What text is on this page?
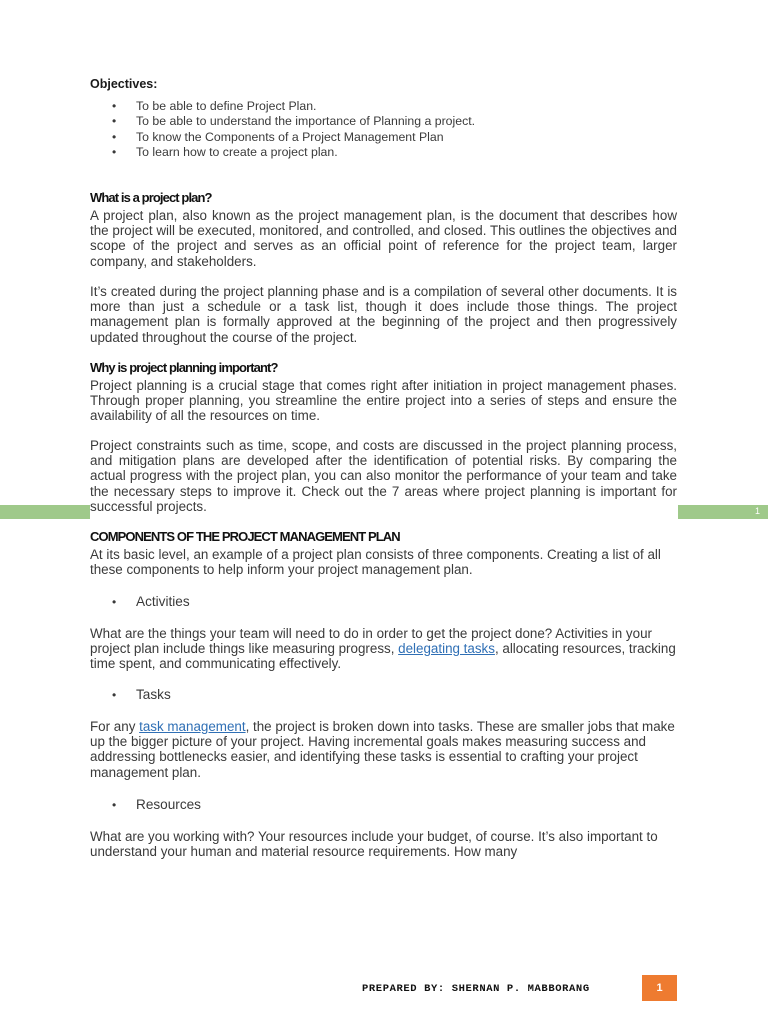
Objectives:
• To be able to define Project Plan.
• To be able to understand the importance of Planning a project.
• To know the Components of a Project Management Plan
• To learn how to create a project plan.
What is a project plan?

A project plan, also known as the project management plan, is the document that describes how the project will be executed, monitored, and controlled, and closed. This outlines the objectives and scope of the project and serves as an official point of reference for the project team, larger company, and stakeholders.

It’s created during the project planning phase and is a compilation of several other documents. It is more than just a schedule or a task list, though it does include those things. The project management plan is formally approved at the beginning of the project and then progressively updated throughout the course of the project.

Why is project planning important?

Project planning is a crucial stage that comes right after initiation in project management phases. Through proper planning, you streamline the entire project into a series of steps and ensure the availability of all the resources on time.

Project constraints such as time, scope, and costs are discussed in the project planning process, and mitigation plans are developed after the identification of potential risks. By comparing the actual progress with the project plan, you can also monitor the performance of your team and take the necessary steps to improve it. Check out the 7 areas where project planning is important for successful projects.	1
COMPONENTS OF THE PROJECT MANAGEMENT PLAN

At its basic level, an example of a project plan consists of three components. Creating a list of all these components to help inform your project management plan.

• Activities

What are the things your team will need to do in order to get the project done? Activities in your project plan include things like measuring progress, delegating tasks, allocating resources, tracking time spent, and communicating effectively.

• Tasks

For any task management, the project is broken down into tasks. These are smaller jobs that make up the bigger picture of your project. Having incremental goals makes measuring success and addressing bottlenecks easier, and identifying these tasks is essential to crafting your project management plan.

• Resources

What are you working with? Your resources include your budget, of course. It’s also important to understand your human and material resource requirements. How many

PREPARED BY: SHERNAN P. MABBORANG	1
